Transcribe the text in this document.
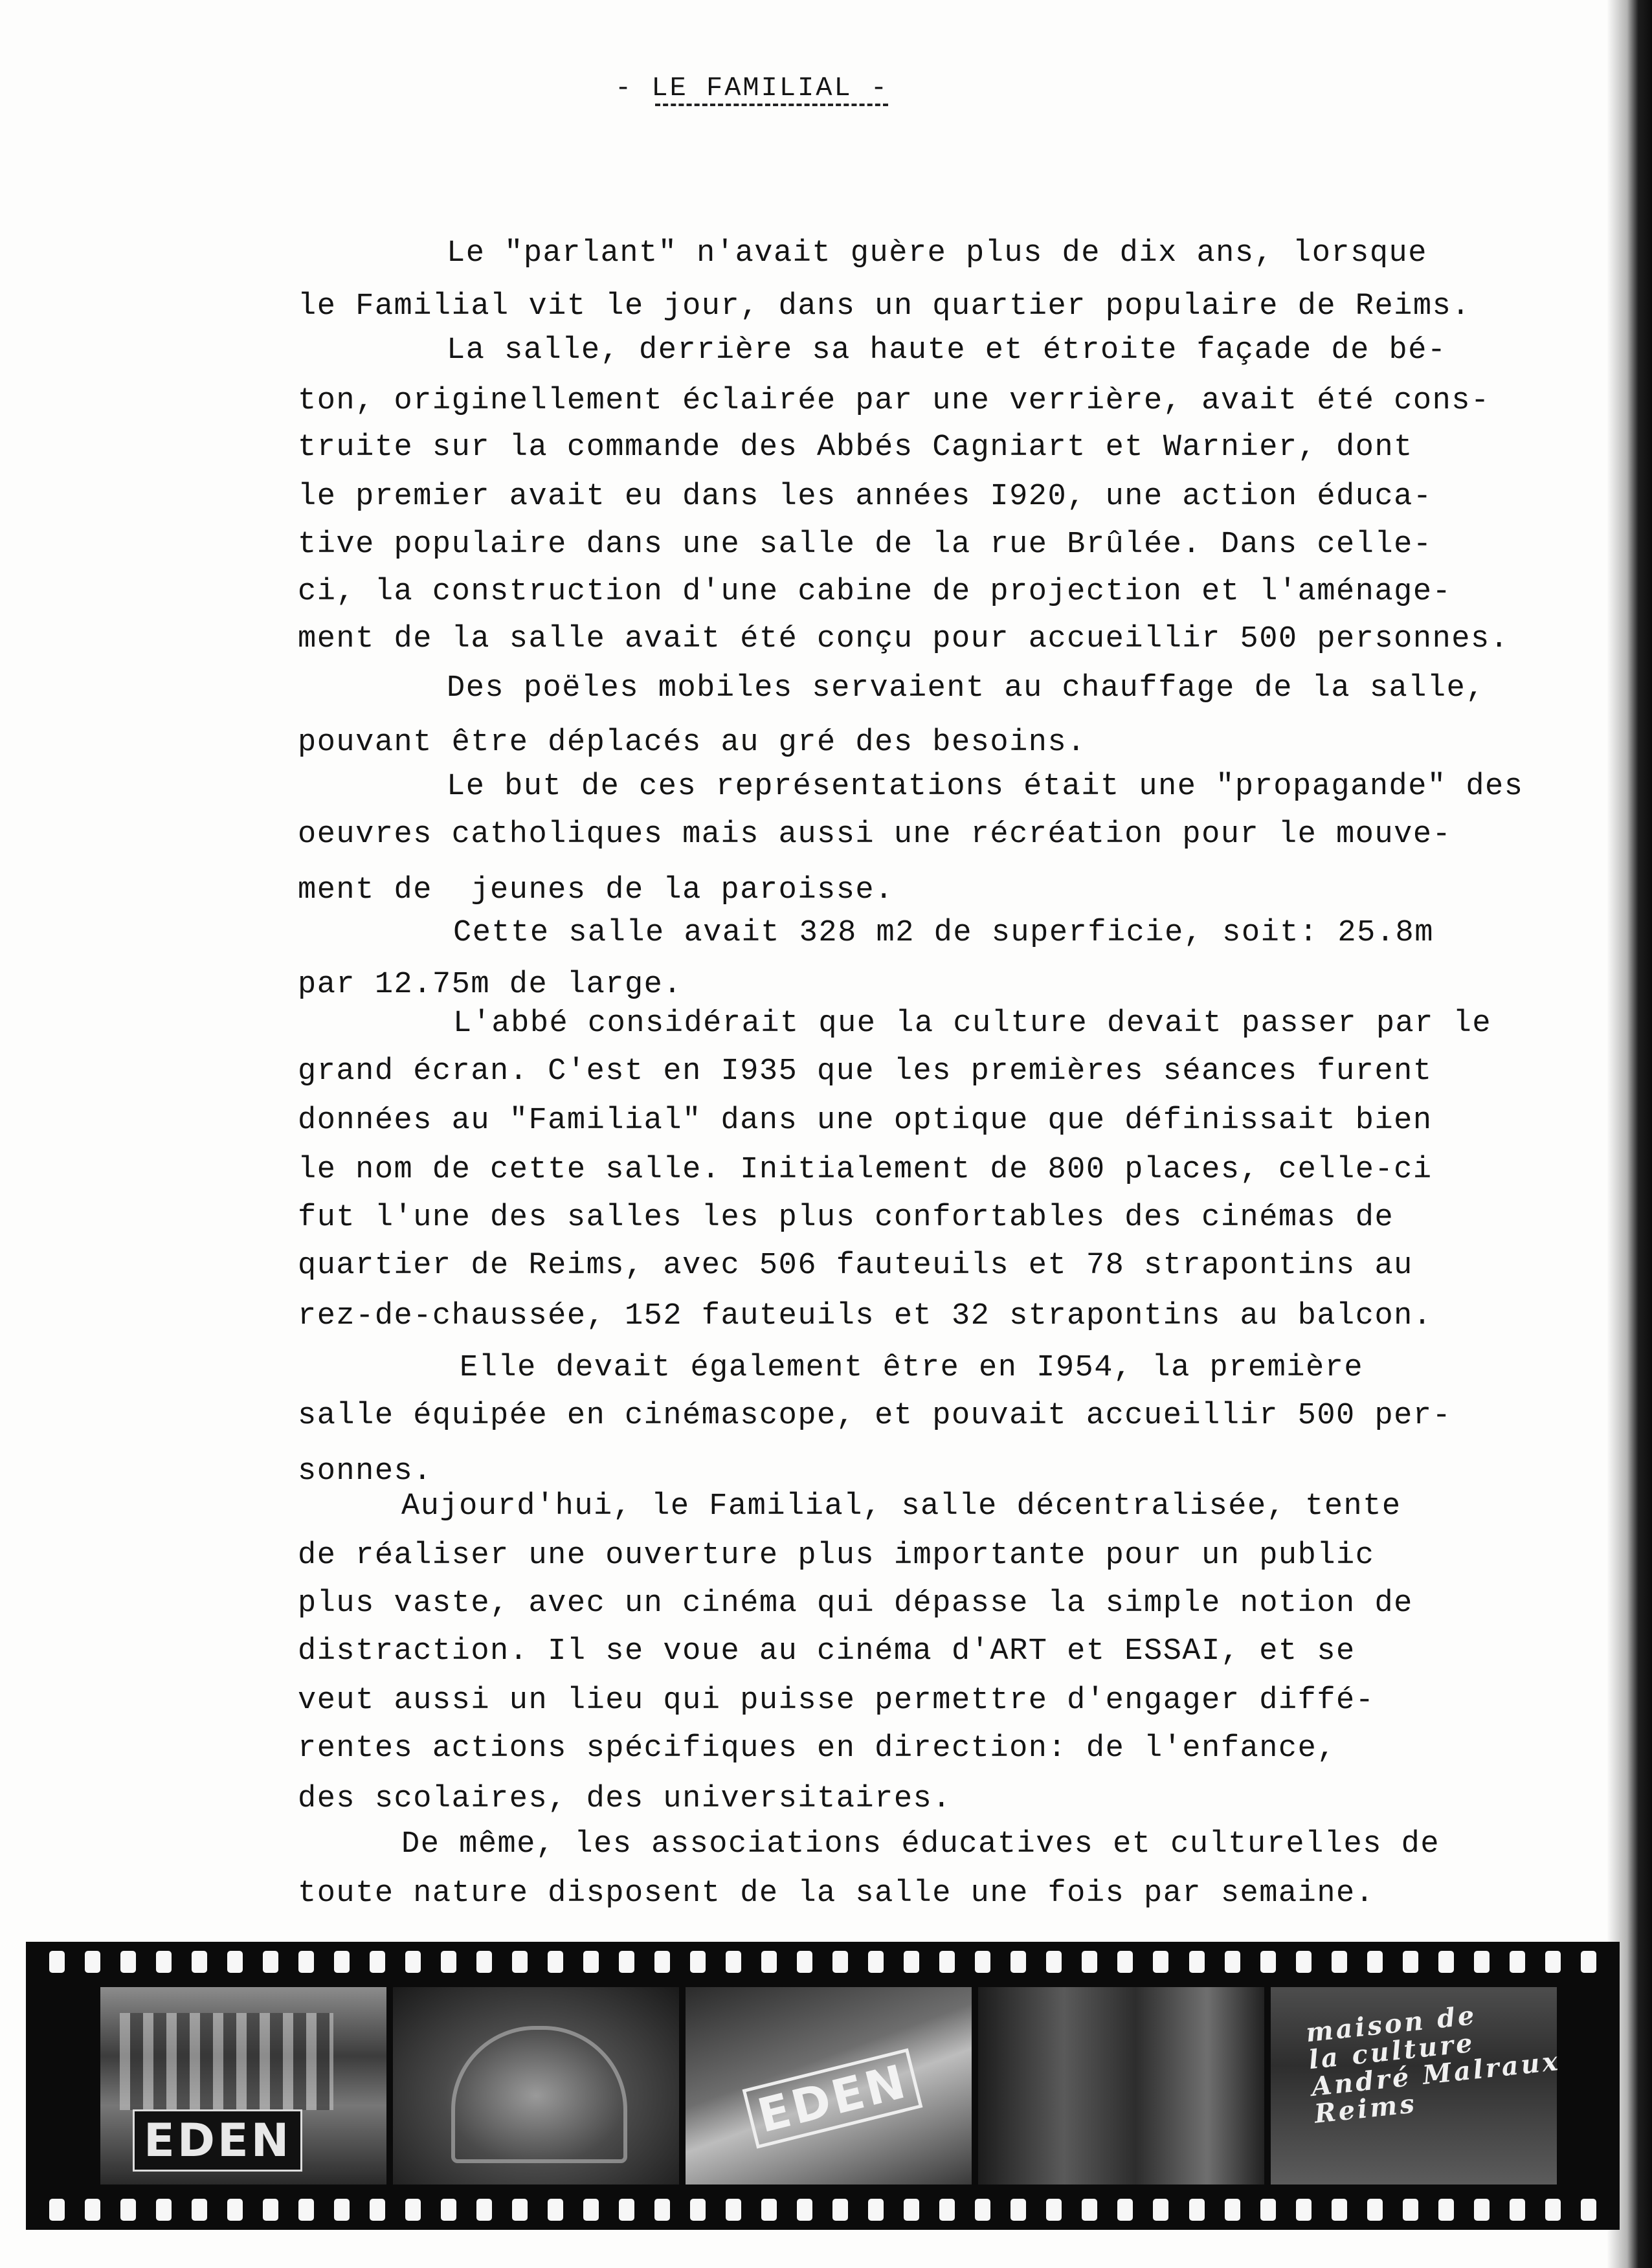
- LE FAMILIAL -
Le "parlant" n'avait guère plus de dix ans, lorsque
le Familial vit le jour, dans un quartier populaire de Reims.
La salle, derrière sa haute et étroite façade de bé-
ton, originellement éclairée par une verrière, avait été cons-
truite sur la commande des Abbés Cagniart et Warnier, dont
le premier avait eu dans les années I920, une action éduca-
tive populaire dans une salle de la rue Brûlée. Dans celle-
ci, la construction d'une cabine de projection et l'aménage-
ment de la salle avait été conçu pour accueillir 500 personnes.
Des poëles mobiles servaient au chauffage de la salle,
pouvant être déplacés au gré des besoins.
Le but de ces représentations était une "propagande" des
oeuvres catholiques mais aussi une récréation pour le mouve-
ment de  jeunes de la paroisse.
Cette salle avait 328 m2 de superficie, soit: 25.8m
par 12.75m de large.
L'abbé considérait que la culture devait passer par le
grand écran. C'est en I935 que les premières séances furent
données au "Familial" dans une optique que définissait bien
le nom de cette salle. Initialement de 800 places, celle-ci
fut l'une des salles les plus confortables des cinémas de
quartier de Reims, avec 506 fauteuils et 78 strapontins au
rez-de-chaussée, 152 fauteuils et 32 strapontins au balcon.
Elle devait également être en I954, la première
salle équipée en cinémascope, et pouvait accueillir 500 per-
sonnes.
Aujourd'hui, le Familial, salle décentralisée, tente
de réaliser une ouverture plus importante pour un public
plus vaste, avec un cinéma qui dépasse la simple notion de
distraction. Il se voue au cinéma d'ART et ESSAI, et se
veut aussi un lieu qui puisse permettre d'engager diffé-
rentes actions spécifiques en direction: de l'enfance,
des scolaires, des universitaires.
De même, les associations éducatives et culturelles de
toute nature disposent de la salle une fois par semaine.
EDEN	EDEN
maison de
la culture
André Malraux
Reims
